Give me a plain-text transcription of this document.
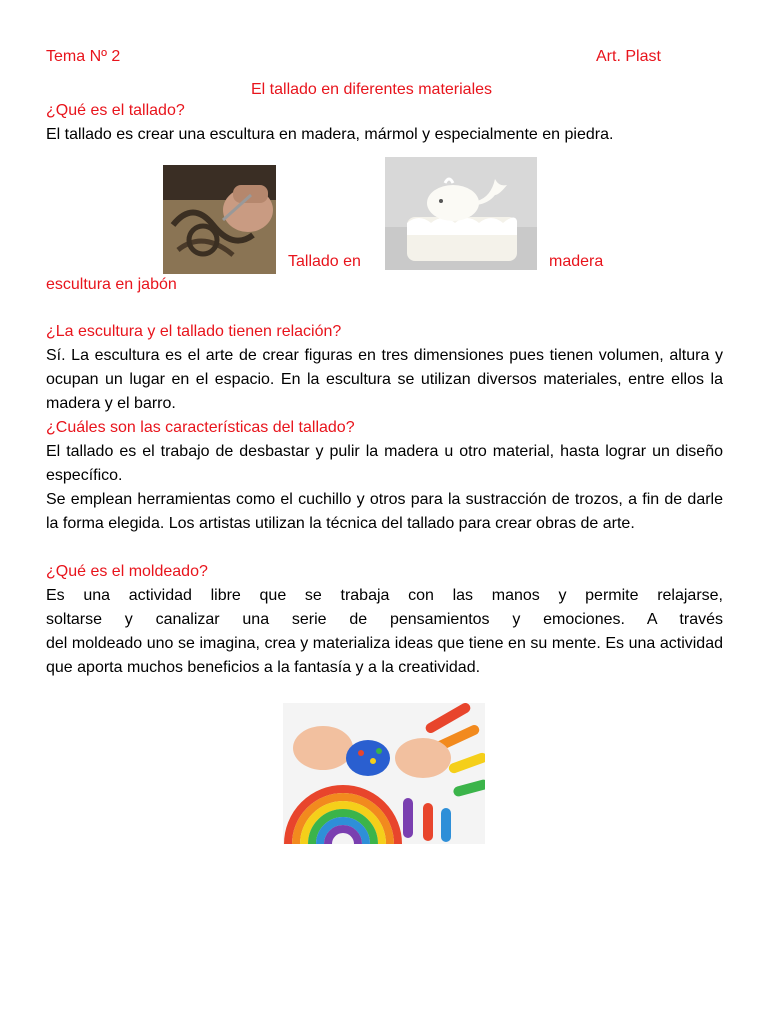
Tema Nº 2	Art. Plast
El tallado en diferentes materiales
¿Qué es el tallado?
El tallado es crear una escultura en madera, mármol y especialmente en piedra.
Tallado en	madera
escultura en jabón
¿La escultura y el tallado tienen relación?

Sí. La escultura es el arte de crear figuras en tres dimensiones pues tienen volumen, altura y ocupan un lugar en el espacio. En la escultura se utilizan diversos materiales, entre ellos la madera y el barro.

¿Cuáles son las características del tallado?

El tallado es el trabajo de desbastar y pulir la madera u otro material, hasta lograr un diseño específico.

Se emplean herramientas como el cuchillo y otros para la sustracción de trozos, a fin de darle la forma elegida. Los artistas utilizan la técnica del tallado para crear obras de arte.

¿Qué es el moldeado?
Es una actividad libre que se trabaja con las manos y permite relajarse,
soltarse y canalizar una serie de pensamientos y emociones. A través

del moldeado uno se imagina, crea y materializa ideas que tiene en su mente. Es una actividad que aporta muchos beneficios a la fantasía y a la creatividad.
